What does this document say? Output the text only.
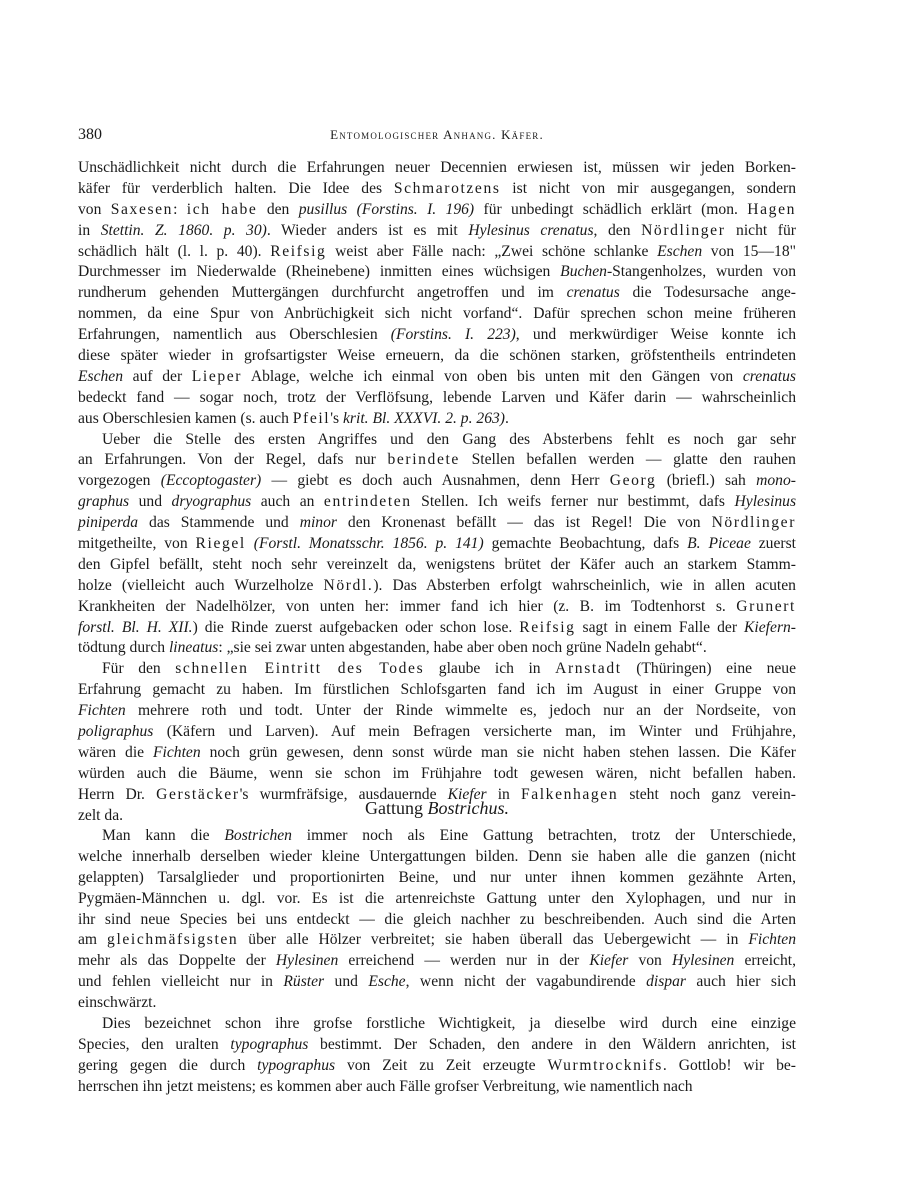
380	Entomologischer Anhang. Käfer.
Unschädlichkeit nicht durch die Erfahrungen neuer Decennien erwiesen ist, müssen wir jeden Borken-
käfer für verderblich halten. Die Idee des Schmarotzens ist nicht von mir ausgegangen, sondern
von Saxesen: ich habe den pusillus (Forstins. I. 196) für unbedingt schädlich erklärt (mon. Hagen
in Stettin. Z. 1860. p. 30). Wieder anders ist es mit Hylesinus crenatus, den Nördlinger nicht für
schädlich hält (l. l. p. 40). Reifsig weist aber Fälle nach: „Zwei schöne schlanke Eschen von 15—18"
Durchmesser im Niederwalde (Rheinebene) inmitten eines wüchsigen Buchen-Stangenholzes, wurden von
rundherum gehenden Muttergängen durchfurcht angetroffen und im crenatus die Todesursache ange-
nommen, da eine Spur von Anbrüchigkeit sich nicht vorfand“. Dafür sprechen schon meine früheren
Erfahrungen, namentlich aus Oberschlesien (Forstins. I. 223), und merkwürdiger Weise konnte ich
diese später wieder in grofsartigster Weise erneuern, da die schönen starken, gröfstentheils entrindeten
Eschen auf der Lieper Ablage, welche ich einmal von oben bis unten mit den Gängen von crenatus
bedeckt fand — sogar noch, trotz der Verflöfsung, lebende Larven und Käfer darin — wahrscheinlich
aus Oberschlesien kamen (s. auch Pfeil's krit. Bl. XXXVI. 2. p. 263).
Ueber die Stelle des ersten Angriffes und den Gang des Absterbens fehlt es noch gar sehr
an Erfahrungen. Von der Regel, dafs nur berindete Stellen befallen werden — glatte den rauhen
vorgezogen (Eccoptogaster) — giebt es doch auch Ausnahmen, denn Herr Georg (briefl.) sah mono-
graphus und dryographus auch an entrindeten Stellen. Ich weifs ferner nur bestimmt, dafs Hylesinus
piniperda das Stammende und minor den Kronenast befällt — das ist Regel! Die von Nördlinger
mitgetheilte, von Riegel (Forstl. Monatsschr. 1856. p. 141) gemachte Beobachtung, dafs B. Piceae zuerst
den Gipfel befällt, steht noch sehr vereinzelt da, wenigstens brütet der Käfer auch an starkem Stamm-
holze (vielleicht auch Wurzelholze Nördl.). Das Absterben erfolgt wahrscheinlich, wie in allen acuten
Krankheiten der Nadelhölzer, von unten her: immer fand ich hier (z. B. im Todtenhorst s. Grunert
forstl. Bl. H. XII.) die Rinde zuerst aufgebacken oder schon lose. Reifsig sagt in einem Falle der Kiefern-
tödtung durch lineatus: „sie sei zwar unten abgestanden, habe aber oben noch grüne Nadeln gehabt“.
Für den schnellen Eintritt des Todes glaube ich in Arnstadt (Thüringen) eine neue
Erfahrung gemacht zu haben. Im fürstlichen Schlofsgarten fand ich im August in einer Gruppe von
Fichten mehrere roth und todt. Unter der Rinde wimmelte es, jedoch nur an der Nordseite, von
poligraphus (Käfern und Larven). Auf mein Befragen versicherte man, im Winter und Frühjahre,
wären die Fichten noch grün gewesen, denn sonst würde man sie nicht haben stehen lassen. Die Käfer
würden auch die Bäume, wenn sie schon im Frühjahre todt gewesen wären, nicht befallen haben.
Herrn Dr. Gerstäcker's wurmfräfsige, ausdauernde Kiefer in Falkenhagen steht noch ganz verein-
zelt da.	Gattung Bostrichus.
Man kann die Bostrichen immer noch als Eine Gattung betrachten, trotz der Unterschiede,
welche innerhalb derselben wieder kleine Untergattungen bilden. Denn sie haben alle die ganzen (nicht
gelappten) Tarsalglieder und proportionirten Beine, und nur unter ihnen kommen gezähnte Arten,
Pygmäen-Männchen u. dgl. vor. Es ist die artenreichste Gattung unter den Xylophagen, und nur in
ihr sind neue Species bei uns entdeckt — die gleich nachher zu beschreibenden. Auch sind die Arten
am gleichmäfsigsten über alle Hölzer verbreitet; sie haben überall das Uebergewicht — in Fichten
mehr als das Doppelte der Hylesinen erreichend — werden nur in der Kiefer von Hylesinen erreicht,
und fehlen vielleicht nur in Rüster und Esche, wenn nicht der vagabundirende dispar auch hier sich
einschwärzt.
Dies bezeichnet schon ihre grofse forstliche Wichtigkeit, ja dieselbe wird durch eine einzige
Species, den uralten typographus bestimmt. Der Schaden, den andere in den Wäldern anrichten, ist
gering gegen die durch typographus von Zeit zu Zeit erzeugte Wurmtrocknifs. Gottlob! wir be-
herrschen ihn jetzt meistens; es kommen aber auch Fälle grofser Verbreitung, wie namentlich nach
